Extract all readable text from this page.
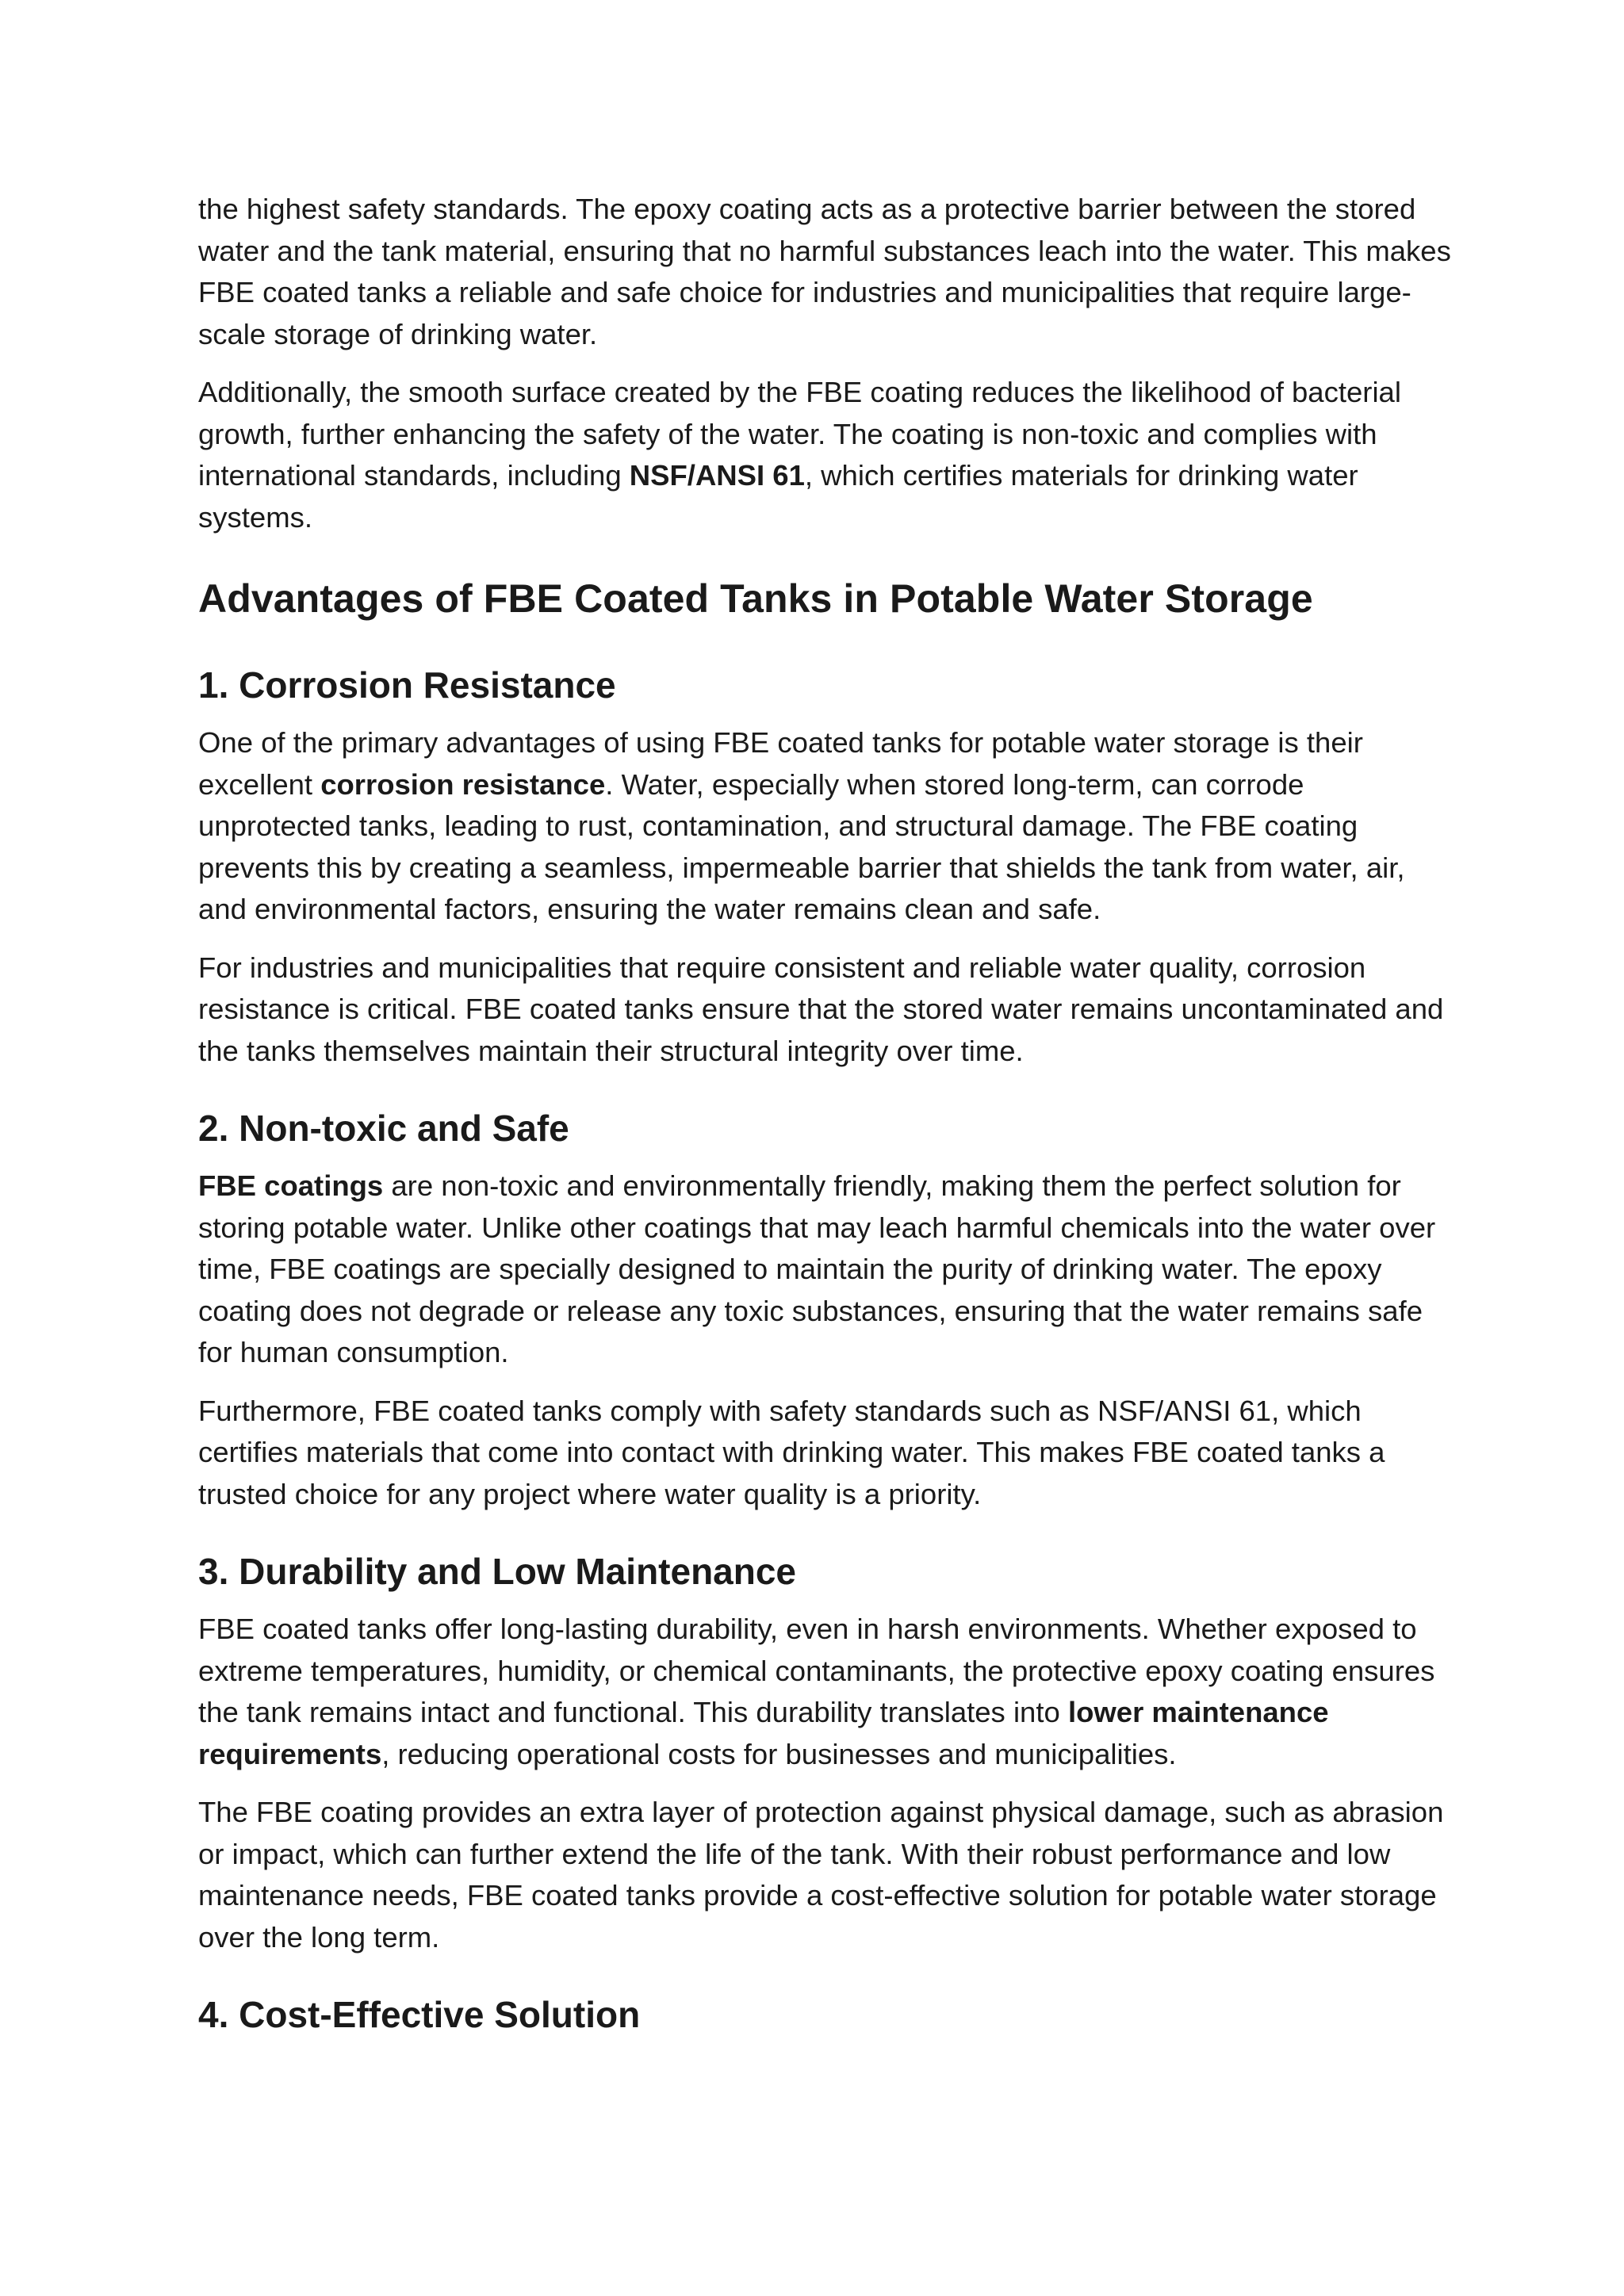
the highest safety standards. The epoxy coating acts as a protective barrier between the stored water and the tank material, ensuring that no harmful substances leach into the water. This makes FBE coated tanks a reliable and safe choice for industries and municipalities that require large-scale storage of drinking water.

Additionally, the smooth surface created by the FBE coating reduces the likelihood of bacterial growth, further enhancing the safety of the water. The coating is non-toxic and complies with international standards, including NSF/ANSI 61, which certifies materials for drinking water systems.

Advantages of FBE Coated Tanks in Potable Water Storage
1. Corrosion Resistance

One of the primary advantages of using FBE coated tanks for potable water storage is their excellent corrosion resistance. Water, especially when stored long-term, can corrode unprotected tanks, leading to rust, contamination, and structural damage. The FBE coating prevents this by creating a seamless, impermeable barrier that shields the tank from water, air, and environmental factors, ensuring the water remains clean and safe.

For industries and municipalities that require consistent and reliable water quality, corrosion resistance is critical. FBE coated tanks ensure that the stored water remains uncontaminated and the tanks themselves maintain their structural integrity over time.

2. Non-toxic and Safe

FBE coatings are non-toxic and environmentally friendly, making them the perfect solution for storing potable water. Unlike other coatings that may leach harmful chemicals into the water over time, FBE coatings are specially designed to maintain the purity of drinking water. The epoxy coating does not degrade or release any toxic substances, ensuring that the water remains safe for human consumption.

Furthermore, FBE coated tanks comply with safety standards such as NSF/ANSI 61, which certifies materials that come into contact with drinking water. This makes FBE coated tanks a trusted choice for any project where water quality is a priority.

3. Durability and Low Maintenance

FBE coated tanks offer long-lasting durability, even in harsh environments. Whether exposed to extreme temperatures, humidity, or chemical contaminants, the protective epoxy coating ensures the tank remains intact and functional. This durability translates into lower maintenance requirements, reducing operational costs for businesses and municipalities.

The FBE coating provides an extra layer of protection against physical damage, such as abrasion or impact, which can further extend the life of the tank. With their robust performance and low maintenance needs, FBE coated tanks provide a cost-effective solution for potable water storage over the long term.

4. Cost-Effective Solution
